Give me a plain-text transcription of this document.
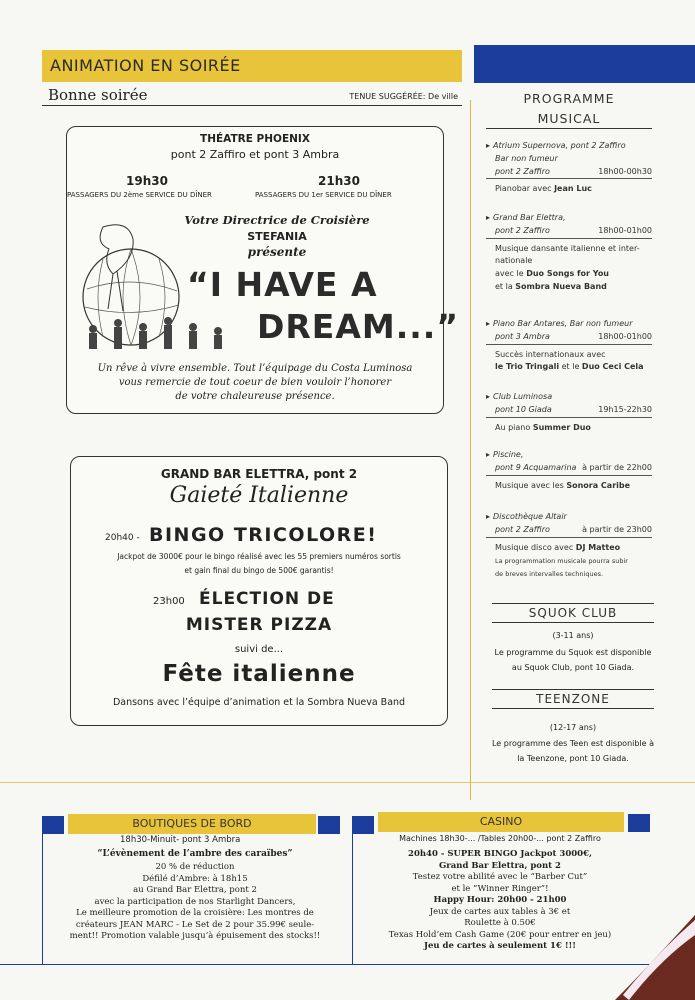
ANIMATION EN SOIRÉE
Bonne soirée	TENUE SUGGÉRÉE: De ville
THÉATRE PHOENIX
pont 2 Zaffiro et pont 3 Ambra
19h30
PASSAGERS DU 2ème SERVICE DU DÎNER
21h30
PASSAGERS DU 1er SERVICE DU DÎNER
Votre Directrice de Croisière
STEFANIA
présente
“I HAVE A
DREAM...”
Un rêve à vivre ensemble. Tout l’équipage du Costa Luminosa
vous remercie de tout coeur de bien vouloir l’honorer
de votre chaleureuse présence.
GRAND BAR ELETTRA, pont 2
Gaieté Italienne
20h40 - BINGO TRICOLORE!
Jackpot de 3000€ pour le bingo réalisé avec les 55 premiers numéros sortis
et gain final du bingo de 500€ garantis!
23h00 ÉLECTION DE
MISTER PIZZA
suivi de...
Fête italienne
Dansons avec l’équipe d’animation et la Sombra Nueva Band
PROGRAMME
MUSICAL
▸ Atrium Supernova, pont 2 Zaffiro
Bar non fumeur
pont 2 Zaffiro	18h00-00h30
Pianobar avec Jean Luc
▸ Grand Bar Elettra,
pont 2 Zaffiro	18h00-01h00
Musique dansante italienne et inter-
nationale
avec le Duo Songs for You
et la Sombra Nueva Band
▸ Piano Bar Antares, Bar non fumeur
pont 3 Ambra	18h00-01h00
Succès internationaux avec
le Trio Tringali et le Duo Ceci Cela
▸ Club Luminosa
pont 10 Giada	19h15-22h30
Au piano Summer Duo
▸ Piscine,
pont 9 Acquamarina à partir de 22h00
Musique avec les Sonora Caribe
▸ Discothèque Altair
pont 2 Zaffiro	à partir de 23h00
Musique disco avec DJ Matteo
La programmation musicale pourra subir
de breves intervalles techniques.
SQUOK CLUB
(3-11 ans)
Le programme du Squok est disponible
au Squok Club, pont 10 Giada.
TEENZONE
(12-17 ans)
Le programme des Teen est disponible à
la Teenzone, pont 10 Giada.
BOUTIQUES DE BORD
18h30-Minuit- pont 3 Ambra
“L’évènement de l’ambre des caraïbes”
20 % de réduction
Défilé d’Ambre: à 18h15
au Grand Bar Elettra, pont 2
avec la participation de nos Starlight Dancers,
Le meilleure promotion de la croisière: Les montres de
créateurs JEAN MARC - Le Set de 2 pour 35.99€ seule-
ment!! Promotion valable jusqu’à épuisement des stocks!!
CASINO
Machines 18h30-... /Tables 20h00-... pont 2 Zaffiro
20h40 - SUPER BINGO Jackpot 3000€,
Grand Bar Elettra, pont 2
Testez votre abilité avec le “Barber Cut”
et le “Winner Ringer”!
Happy Hour: 20h00 - 21h00
Jeux de cartes aux tables à 3€ et
Roulette à 0.50€
Texas Hold’em Cash Game (20€ pour entrer en jeu)
Jeu de cartes à seulement 1€ !!!
